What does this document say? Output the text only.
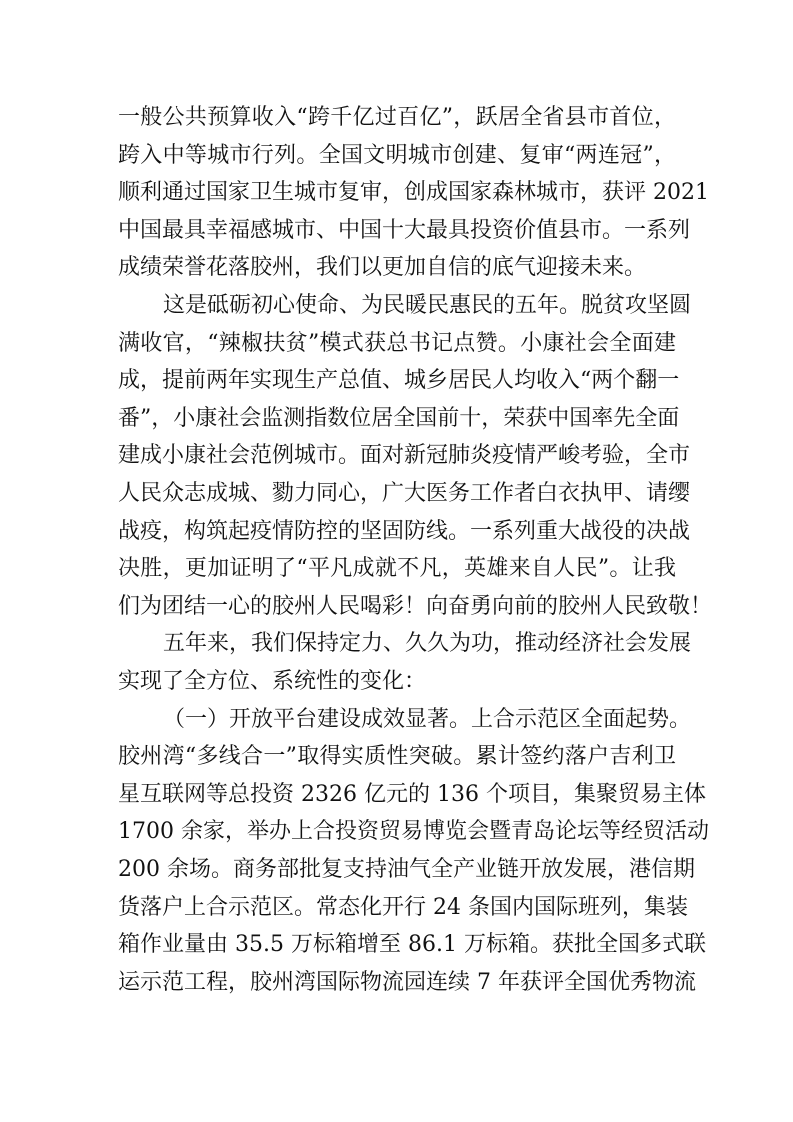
一般公共预算收入“跨千亿过百亿”，跃居全省县市首位，
跨入中等城市行列。全国文明城市创建、复审“两连冠”，
顺利通过国家卫生城市复审，创成国家森林城市，获评 2021
中国最具幸福感城市、中国十大最具投资价值县市。一系列
成绩荣誉花落胶州，我们以更加自信的底气迎接未来。
这是砥砺初心使命、为民暖民惠民的五年。脱贫攻坚圆
满收官，“辣椒扶贫”模式获总书记点赞。小康社会全面建
成，提前两年实现生产总值、城乡居民人均收入“两个翻一
番”，小康社会监测指数位居全国前十，荣获中国率先全面
建成小康社会范例城市。面对新冠肺炎疫情严峻考验，全市
人民众志成城、勠力同心，广大医务工作者白衣执甲、请缨
战疫，构筑起疫情防控的坚固防线。一系列重大战役的决战
决胜，更加证明了“平凡成就不凡，英雄来自人民”。让我
们为团结一心的胶州人民喝彩！向奋勇向前的胶州人民致敬！
五年来，我们保持定力、久久为功，推动经济社会发展
实现了全方位、系统性的变化：
（一）开放平台建设成效显著。上合示范区全面起势。
胶州湾“多线合一”取得实质性突破。累计签约落户吉利卫
星互联网等总投资 2326 亿元的 136 个项目，集聚贸易主体
1700 余家，举办上合投资贸易博览会暨青岛论坛等经贸活动
200 余场。商务部批复支持油气全产业链开放发展，港信期
货落户上合示范区。常态化开行 24 条国内国际班列，集装
箱作业量由 35.5 万标箱增至 86.1 万标箱。获批全国多式联
运示范工程，胶州湾国际物流园连续 7 年获评全国优秀物流
